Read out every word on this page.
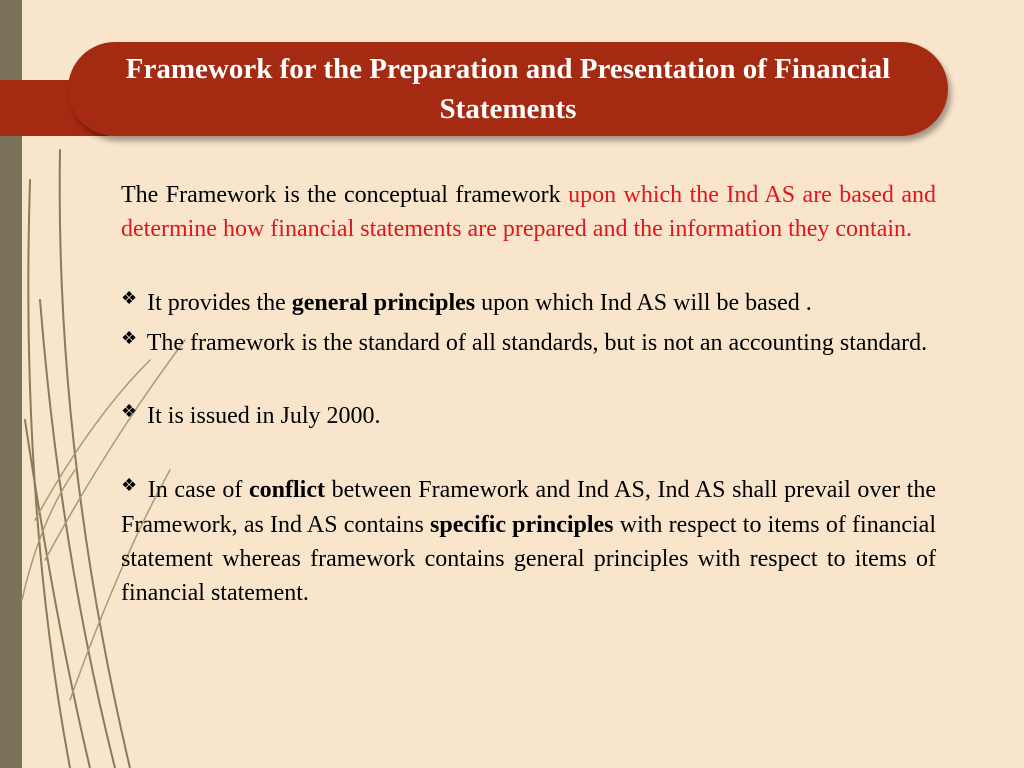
Framework for the Preparation and Presentation of Financial Statements

The Framework is the conceptual framework upon which the Ind AS are based and determine how financial statements are prepared and the information they contain.

❖ It provides the general principles upon which Ind AS will be based .

❖ The framework is the standard of all standards, but is not an accounting standard.

❖ It is issued in July 2000.

❖ In case of conflict between Framework and Ind AS, Ind AS shall prevail over the Framework, as Ind AS contains specific principles with respect to items of financial statement whereas framework contains general principles with respect to items of financial statement.
